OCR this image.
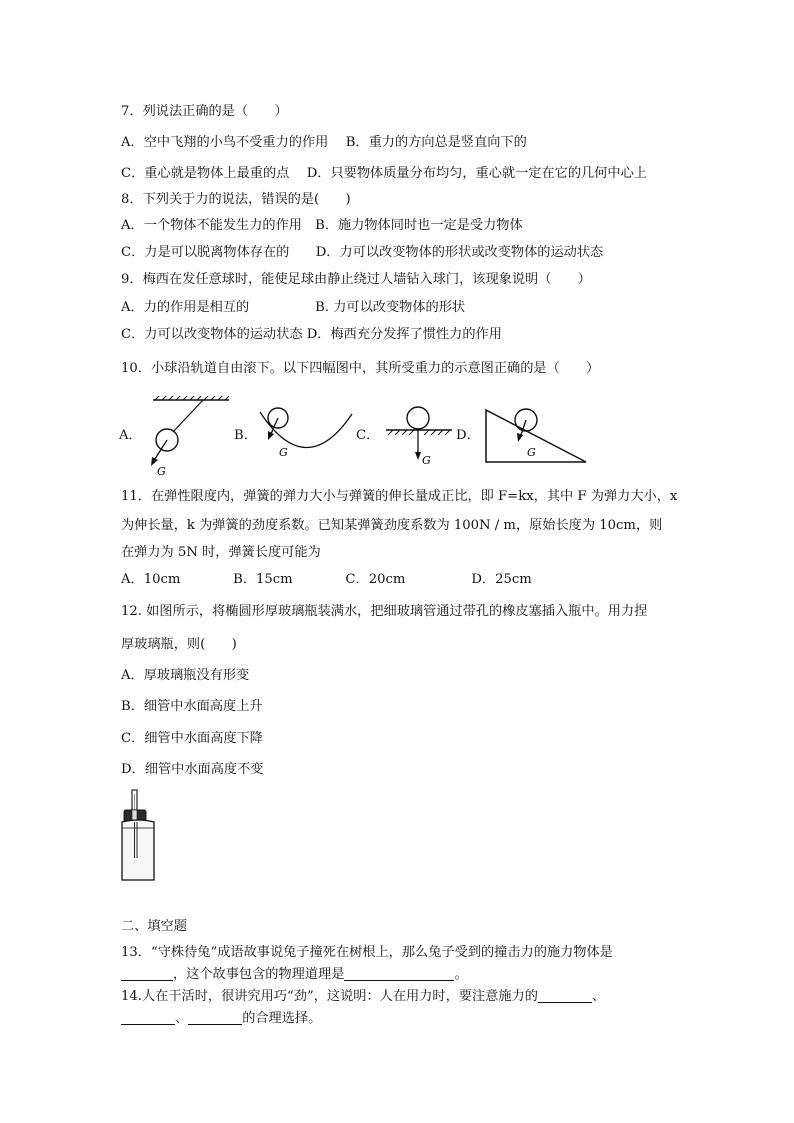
7．列说法正确的是（　　）
A．空中飞翔的小鸟不受重力的作用　 B．重力的方向总是竖直向下的
C．重心就是物体上最重的点　 D．只要物体质量分布均匀，重心就一定在它的几何中心上
8．下列关于力的说法，错误的是(　　)
A．一个物体不能发生力的作用　B．施力物体同时也一定是受力物体
C．力是可以脱离物体存在的　　D．力可以改变物体的形状或改变物体的运动状态
9．梅西在发任意球时，能使足球由静止绕过人墙钻入球门，该现象说明（　　）
A．力的作用是相互的　　　　　B. 力可以改变物体的形状
C．力可以改变物体的运动状态 D．梅西充分发挥了惯性力的作用
10．小球沿轨道自由滚下。以下四幅图中，其所受重力的示意图正确的是（　　）
A．
G
B．
G
C．
G
D．
G
11．在弹性限度内，弹簧的弹力大小与弹簧的伸长量成正比，即 F=kx，其中 F 为弹力大小，x
为伸长量，k 为弹簧的劲度系数。已知某弹簧劲度系数为 100N / m，原始长度为 10cm，则
在弹力为 5N 时，弹簧长度可能为
A．10cm　　　　B．15cm　　　　C．20cm　　　　　D．25cm
12. 如图所示，将椭圆形厚玻璃瓶装满水，把细玻璃管通过带孔的橡皮塞插入瓶中。用力捏
厚玻璃瓶，则(　　)
A．厚玻璃瓶没有形变
B．细管中水面高度上升
C．细管中水面高度下降
D．细管中水面高度不变
二、填空题
13．“守株待兔”成语故事说兔子撞死在树根上，那么兔子受到的撞击力的施力物体是
，这个故事包含的物理道理是	。
14.人在干活时，很讲究用巧“劲”，这说明：人在用力时，要注意施力的	、
、	的合理选择。
